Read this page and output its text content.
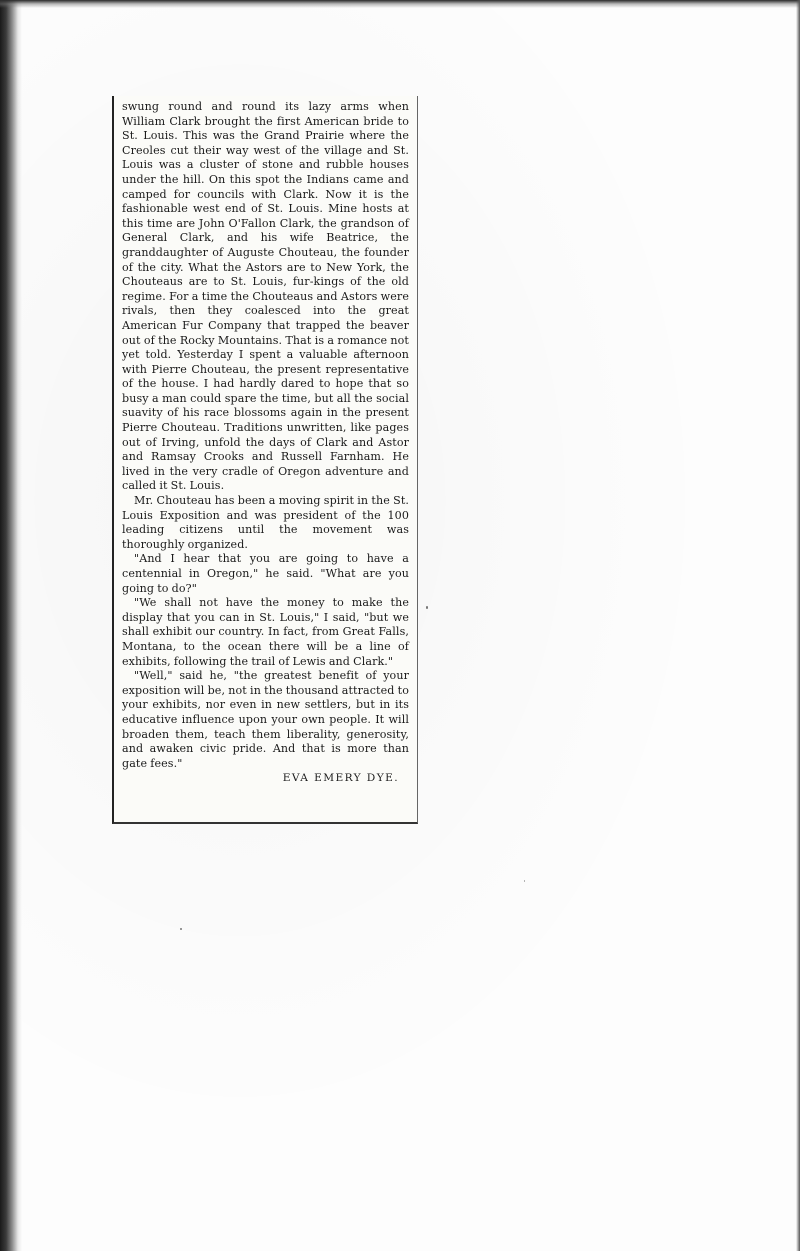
swung round and round its lazy arms when William Clark brought the first American bride to St. Louis. This was the Grand Prairie where the Creoles cut their way west of the village and St. Louis was a cluster of stone and rubble houses under the hill. On this spot the Indians came and camped for councils with Clark. Now it is the fashionable west end of St. Louis. Mine hosts at this time are John O'Fallon Clark, the grandson of General Clark, and his wife Beatrice, the granddaughter of Auguste Chouteau, the founder of the city. What the Astors are to New York, the Chouteaus are to St. Louis, fur-kings of the old regime. For a time the Chouteaus and Astors were rivals, then they coalesced into the great American Fur Company that trapped the beaver out of the Rocky Mountains. That is a romance not yet told. Yesterday I spent a valuable afternoon with Pierre Chouteau, the present representative of the house. I had hardly dared to hope that so busy a man could spare the time, but all the social suavity of his race blossoms again in the present Pierre Chouteau. Traditions unwritten, like pages out of Irving, unfold the days of Clark and Astor and Ramsay Crooks and Russell Farnham. He lived in the very cradle of Oregon adventure and called it St. Louis.

Mr. Chouteau has been a moving spirit in the St. Louis Exposition and was president of the 100 leading citizens until the movement was thoroughly organized.

"And I hear that you are going to have a centennial in Oregon," he said. "What are you going to do?"

"We shall not have the money to make the display that you can in St. Louis," I said, "but we shall exhibit our country. In fact, from Great Falls, Montana, to the ocean there will be a line of exhibits, following the trail of Lewis and Clark."

"Well," said he, "the greatest benefit of your exposition will be, not in the thousand attracted to your exhibits, nor even in new settlers, but in its educative influence upon your own people. It will broaden them, teach them liberality, generosity, and awaken civic pride. And that is more than gate fees."

EVA EMERY DYE.
